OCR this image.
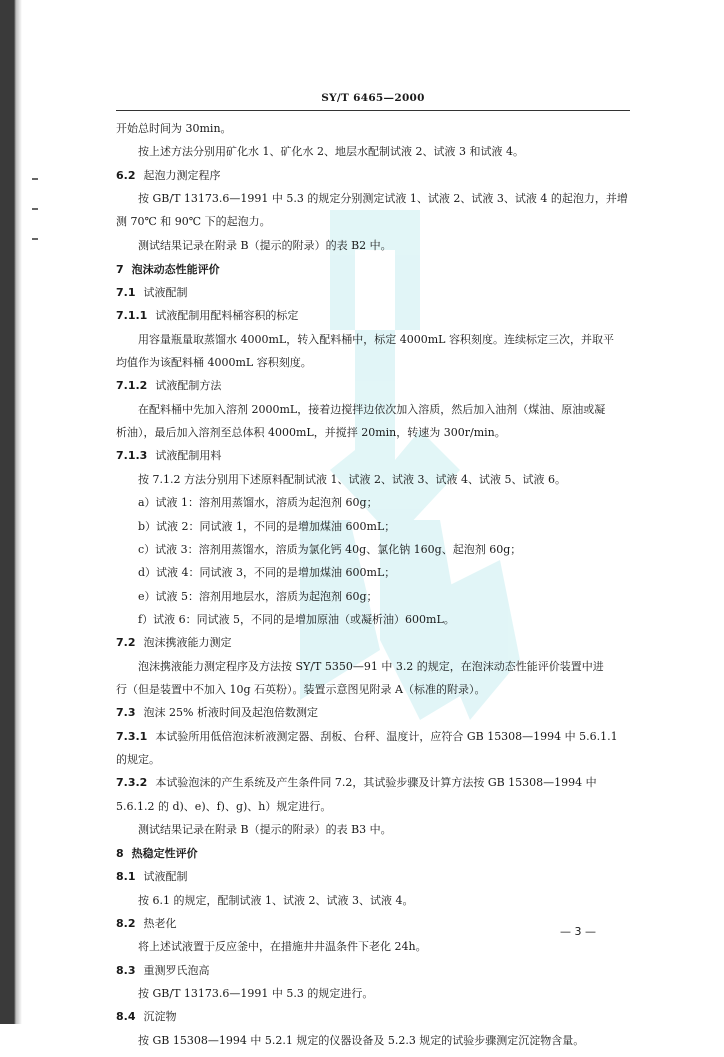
SY/T 6465—2000
开始总时间为 30min。
按上述方法分别用矿化水 1、矿化水 2、地层水配制试液 2、试液 3 和试液 4。
6.2 起泡力测定程序
按 GB/T 13173.6—1991 中 5.3 的规定分别测定试液 1、试液 2、试液 3、试液 4 的起泡力，并增
测 70℃ 和 90℃ 下的起泡力。
测试结果记录在附录 B（提示的附录）的表 B2 中。
7 泡沫动态性能评价
7.1 试液配制
7.1.1 试液配制用配料桶容积的标定
用容量瓶量取蒸馏水 4000mL，转入配料桶中，标定 4000mL 容积刻度。连续标定三次，并取平
均值作为该配料桶 4000mL 容积刻度。
7.1.2 试液配制方法
在配料桶中先加入溶剂 2000mL，接着边搅拌边依次加入溶质，然后加入油剂（煤油、原油或凝
析油），最后加入溶剂至总体积 4000mL，并搅拌 20min，转速为 300r/min。
7.1.3 试液配制用料
按 7.1.2 方法分别用下述原料配制试液 1、试液 2、试液 3、试液 4、试液 5、试液 6。
a）试液 1：溶剂用蒸馏水，溶质为起泡剂 60g；
b）试液 2：同试液 1，不同的是增加煤油 600mL；
c）试液 3：溶剂用蒸馏水，溶质为氯化钙 40g、氯化钠 160g、起泡剂 60g；
d）试液 4：同试液 3，不同的是增加煤油 600mL；
e）试液 5：溶剂用地层水，溶质为起泡剂 60g；
f）试液 6：同试液 5，不同的是增加原油（或凝析油）600mL。
7.2 泡沫携液能力测定
泡沫携液能力测定程序及方法按 SY/T 5350—91 中 3.2 的规定，在泡沫动态性能评价装置中进
行（但是装置中不加入 10g 石英粉）。装置示意图见附录 A（标准的附录）。
7.3 泡沫 25% 析液时间及起泡倍数测定
7.3.1 本试验所用低倍泡沫析液测定器、刮板、台秤、温度计，应符合 GB 15308—1994 中 5.6.1.1
的规定。
7.3.2 本试验泡沫的产生系统及产生条件同 7.2，其试验步骤及计算方法按 GB 15308—1994 中
5.6.1.2 的 d)、e)、f)、g)、h）规定进行。
测试结果记录在附录 B（提示的附录）的表 B3 中。
8 热稳定性评价
8.1 试液配制
按 6.1 的规定，配制试液 1、试液 2、试液 3、试液 4。
8.2 热老化
将上述试液置于反应釜中，在措施井井温条件下老化 24h。
8.3 重测罗氏泡高
按 GB/T 13173.6—1991 中 5.3 的规定进行。
8.4 沉淀物
按 GB 15308—1994 中 5.2.1 规定的仪器设备及 5.2.3 规定的试验步骤测定沉淀物含量。
— 3 —
